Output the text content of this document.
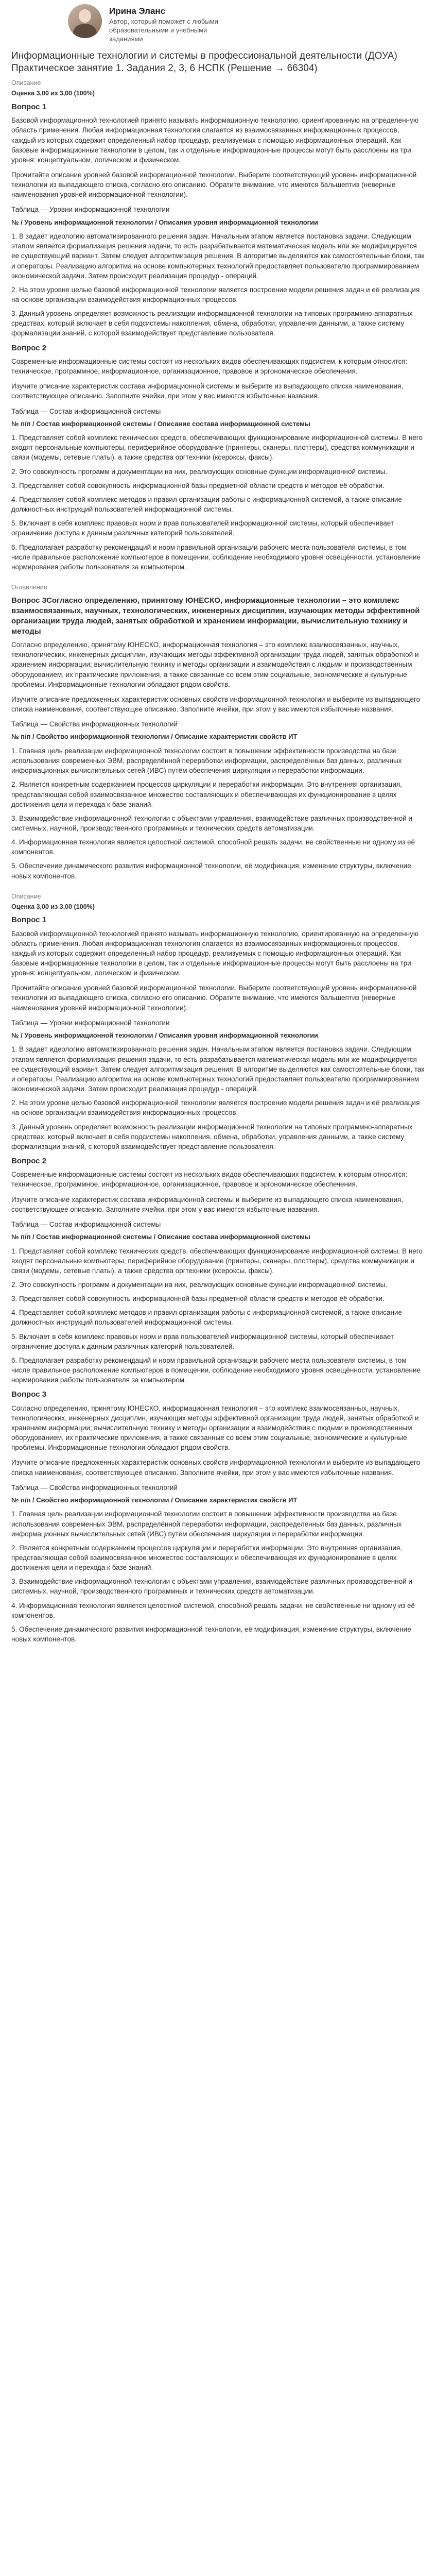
Ирина Эланс
Автор, который поможет с любыми образовательными и учебными заданиями
Информационные технологии и системы в профессиональной деятельности (ДОУА) Практическое занятие 1. Задания 2, 3, 6 НСПК (Решение → 66304)
Описание
Оценка 3,00 из 3,00 (100%)
Вопрос 1

Базовой информационной технологией принято называть информационную технологию, ориентированную на определенную область применения. Любая информационная технология слагается из взаимосвязанных информационных процессов, каждый из которых содержит определенный набор процедур, реализуемых с помощью информационных операций. Как базовые информационные технологии в целом, так и отдельные информационные процессы могут быть расслоены на три уровня: концептуальном, логическом и физическом.

Прочитайте описание уровней базовой информационной технологии. Выберите соответствующий уровень информационной технологии из выпадающего списка, согласно его описанию. Обратите внимание, что имеются бальшептиэ (неверные наименования уровней информационной технологии).

Таблица — Уровни информационной технологии
№ / Уровень информационной технологии / Описания уровня информационной технологии

1. В задаёт идеологию автоматизированного решения задач. Начальным этапом является постановка задачи. Следующим этапом является формализация решения задачи, то есть разрабатывается математическая модель или же модифицируется ее существующий вариант. Затем следует алгоритмизация решения. В алгоритме выделяются как самостоятельные блоки, так и операторы. Реализацию алгоритма на основе компьютерных технологий предоставляет пользователю программированием экономической задачи. Затем происходит реализация процедур - операций.

2. На этом уровне целью базовой информационной технологии является построение модели решения задач и её реализация на основе организации взаимодействия информационных процессов.

3. Данный уровень определяет возможность реализации информационной технологии на типовых программно-аппаратных средствах, который включает в себя подсистемы накопления, обмена, обработки, управления данными, а также систему формализации знаний, с которой взаимодействует представление пользователя.

Вопрос 2

Современные информационные системы состоят из нескольких видов обеспечивающих подсистем, к которым относится: техническое, программное, информационное, организационное, правовое и эргономическое обеспечения.

Изучите описание характеристик состава информационной системы и выберите из выпадающего списка наименования, соответствующее описанию. Заполните ячейки, при этом у вас имеются избыточные названия.

Таблица — Состав информационной системы
№ п/п / Состав информационной системы / Описание состава информационной системы

1. Представляет собой комплекс технических средств, обеспечивающих функционирование информационной системы. В него входят персональные компьютеры, периферийное оборудование (принтеры, сканеры, плоттеры), средства коммуникации и связи (модемы, сетевые платы), а также средства оргтехники (ксероксы, факсы).

2. Это совокупность программ и документации на них, реализующих основные функции информационной системы.

3. Представляет собой совокупность информационной базы предметной области средств и методов её обработки.

4. Представляет собой комплекс методов и правил организации работы с информационной системой, а также описание должностных инструкций пользователей информационной системы.

5. Включает в себя комплекс правовых норм и прав пользователей информационной системы, который обеспечивает ограничение доступа к данным различных категорий пользователей.

6. Предполагает разработку рекомендаций и норм правильной организации рабочего места пользователя системы, в том числе правильное расположение компьютеров в помещении, соблюдение необходимого уровня освещённости, установление нормирования работы пользователя за компьютером.

Оглавление
Вопрос 3Согласно определению, принятому ЮНЕСКО, информационные технологии – это комплекс взаимосвязанных, научных, технологических, инженерных дисциплин, изучающих методы эффективной организации труда людей, занятых обработкой и хранением информации, вычислительную технику и методы

Согласно определению, принятому ЮНЕСКО, информационная технология – это комплекс взаимосвязанных, научных, технологических, инженерных дисциплин, изучающих методы эффективной организации труда людей, занятых обработкой и хранением информации; вычислительную технику и методы организации и взаимодействия с людьми и производственным оборудованием, их практические приложения, а также связанные со всем этим социальные, экономические и культурные проблемы. Информационные технологии обладают рядом свойств.

Изучите описание предложенных характеристик основных свойств информационной технологии и выберите из выпадающего списка наименования, соответствующее описанию. Заполните ячейки, при этом у вас имеются избыточные названия.

Таблица — Свойства информационных технологий
№ п/п / Свойство информационной технологии / Описание характеристик свойств ИТ

1. Главная цель реализации информационной технологии состоит в повышении эффективности производства на базе использования современных ЭВМ, распределённой переработки информации, распределённых баз данных, различных информационных вычислительных сетей (ИВС) путём обеспечения циркуляции и переработки информации.

2. Является конкретным содержанием процессов циркуляции и переработки информации. Это внутренняя организация, представляющая собой взаимосвязанное множество составляющих и обеспечивающая их функционирование в целях достижения цели и перехода к базе знаний.

3. Взаимодействие информационной технологии с объектами управления, взаимодействие различных производственной и системных, научной, производственного программных и технических средств автоматизации.

4. Информационная технология является целостной системой, способной решать задачи, не свойственные ни одному из её компонентов.

5. Обеспечение динамического развития информационной технологии, её модификация, изменение структуры, включение новых компонентов.

Описание
Оценка 3,00 из 3,00 (100%)
Вопрос 1

Базовой информационной технологией принято называть информационную технологию, ориентированную на определенную область применения. Любая информационная технология слагается из взаимосвязанных информационных процессов, каждый из которых содержит определенный набор процедур, реализуемых с помощью информационных операций. Как базовые информационные технологии в целом, так и отдельные информационные процессы могут быть расслоены на три уровня: концептуальном, логическом и физическом.

Прочитайте описание уровней базовой информационной технологии. Выберите соответствующий уровень информационной технологии из выпадающего списка, согласно его описанию. Обратите внимание, что имеются бальшептиэ (неверные наименования уровней информационной технологии).

Таблица — Уровни информационной технологии
№ / Уровень информационной технологии / Описания уровня информационной технологии

1. В задаёт идеологию автоматизированного решения задач. Начальным этапом является постановка задачи. Следующим этапом является формализация решения задачи, то есть разрабатывается математическая модель или же модифицируется ее существующий вариант. Затем следует алгоритмизация решения. В алгоритме выделяются как самостоятельные блоки, так и операторы. Реализацию алгоритма на основе компьютерных технологий предоставляет пользователю программированием экономической задачи. Затем происходит реализация процедур - операций.

2. На этом уровне целью базовой информационной технологии является построение модели решения задач и её реализация на основе организации взаимодействия информационных процессов.

3. Данный уровень определяет возможность реализации информационной технологии на типовых программно-аппаратных средствах, который включает в себя подсистемы накопления, обмена, обработки, управления данными, а также систему формализации знаний, с которой взаимодействует представление пользователя.

Вопрос 2

Современные информационные системы состоят из нескольких видов обеспечивающих подсистем, к которым относится: техническое, программное, информационное, организационное, правовое и эргономическое обеспечения.

Изучите описание характеристик состава информационной системы и выберите из выпадающего списка наименования, соответствующее описанию. Заполните ячейки, при этом у вас имеются избыточные названия.

Таблица — Состав информационной системы
№ п/п / Состав информационной системы / Описание состава информационной системы

1. Представляет собой комплекс технических средств, обеспечивающих функционирование информационной системы. В него входят персональные компьютеры, периферийное оборудование (принтеры, сканеры, плоттеры), средства коммуникации и связи (модемы, сетевые платы), а также средства оргтехники (ксероксы, факсы).

2. Это совокупность программ и документации на них, реализующих основные функции информационной системы.

3. Представляет собой совокупность информационной базы предметной области средств и методов её обработки.

4. Представляет собой комплекс методов и правил организации работы с информационной системой, а также описание должностных инструкций пользователей информационной системы.

5. Включает в себя комплекс правовых норм и прав пользователей информационной системы, который обеспечивает ограничение доступа к данным различных категорий пользователей.

6. Предполагает разработку рекомендаций и норм правильной организации рабочего места пользователя системы, в том числе правильное расположение компьютеров в помещении, соблюдение необходимого уровня освещённости, установление нормирования работы пользователя за компьютером.

Вопрос 3

Согласно определению, принятому ЮНЕСКО, информационная технология – это комплекс взаимосвязанных, научных, технологических, инженерных дисциплин, изучающих методы эффективной организации труда людей, занятых обработкой и хранением информации; вычислительную технику и методы организации и взаимодействия с людьми и производственным оборудованием, их практические приложения, а также связанные со всем этим социальные, экономические и культурные проблемы. Информационные технологии обладают рядом свойств.

Изучите описание предложенных характеристик основных свойств информационной технологии и выберите из выпадающего списка наименования, соответствующее описанию. Заполните ячейки, при этом у вас имеются избыточные названия.

Таблица — Свойства информационных технологий
№ п/п / Свойство информационной технологии / Описание характеристик свойств ИТ

1. Главная цель реализации информационной технологии состоит в повышении эффективности производства на базе использования современных ЭВМ, распределённой переработки информации, распределённых баз данных, различных информационных вычислительных сетей (ИВС) путём обеспечения циркуляции и переработки информации.

2. Является конкретным содержанием процессов циркуляции и переработки информации. Это внутренняя организация, представляющая собой взаимосвязанное множество составляющих и обеспечивающая их функционирование в целях достижения цели и перехода к базе знаний.

3. Взаимодействие информационной технологии с объектами управления, взаимодействие различных производственной и системных, научной, производственного программных и технических средств автоматизации.

4. Информационная технология является целостной системой, способной решать задачи, не свойственные ни одному из её компонентов.

5. Обеспечение динамического развития информационной технологии, её модификация, изменение структуры, включение новых компонентов.
